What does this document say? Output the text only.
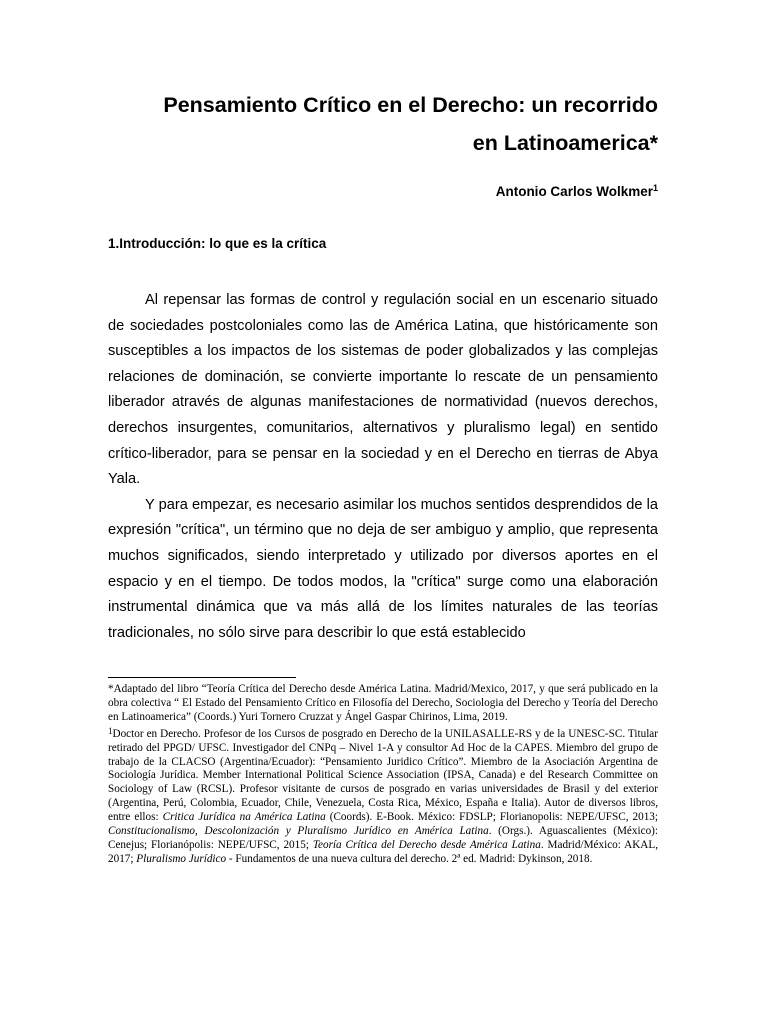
Pensamiento Crítico en el Derecho: un recorrido
en Latinoamerica*
Antonio Carlos Wolkmer$^1$
1.Introducción: lo que es la crítica

Al repensar las formas de control y regulación social en un escenario situado de sociedades postcoloniales como las de América Latina, que históricamente son susceptibles a los impactos de los sistemas de poder globalizados y las complejas relaciones de dominación, se convierte importante lo rescate de un pensamiento liberador através de algunas manifestaciones de normatividad (nuevos derechos, derechos insurgentes, comunitarios, alternativos y pluralismo legal) en sentido crítico-liberador, para se pensar en la sociedad y en el Derecho en tierras de Abya Yala.

Y para empezar, es necesario asimilar los muchos sentidos desprendidos de la expresión "crítica", un término que no deja de ser ambiguo y amplio, que representa muchos significados, siendo interpretado y utilizado por diversos aportes en el espacio y en el tiempo. De todos modos, la "crítica" surge como una elaboración instrumental dinámica que va más allá de los límites naturales de las teorías tradicionales, no sólo sirve para describir lo que está establecido

*Adaptado del libro “Teoría Crítica del Derecho desde América Latina. Madrid/Mexico, 2017, y que será publicado en la obra colectiva “ El Estado del Pensamiento Crítico en Filosofía del Derecho, Sociologia del Derecho y Teoría del Derecho en Latinoamerica” (Coords.) Yuri Tornero Cruzzat y Ángel Gaspar Chirinos, Lima, 2019.

$^1$Doctor en Derecho. Profesor de los Cursos de posgrado en Derecho de la UNILASALLE-RS y de la UNESC-SC. Titular retirado del PPGD/ UFSC. Investigador del CNPq – Nivel 1-A y consultor Ad Hoc de la CAPES. Miembro del grupo de trabajo de la CLACSO (Argentina/Ecuador): “Pensamiento Juridico Crítico”. Miembro de la Asociación Argentina de Sociología Jurídica. Member International Political Science Association (IPSA, Canada) e del Research Committee on Sociology of Law (RCSL). Profesor visitante de cursos de posgrado en varias universidades de Brasil y del exterior (Argentina, Perú, Colombia, Ecuador, Chile, Venezuela, Costa Rica, México, España e Italia). Autor de diversos libros, entre ellos: Critica Jurídica na América Latina (Coords). E-Book. México: FDSLP; Florianopolis: NEPE/UFSC, 2013; Constitucionalismo, Descolonización y Pluralismo Jurídico en América Latina. (Orgs.). Aguascalientes (México): Cenejus; Florianópolis: NEPE/UFSC, 2015; Teoría Crítica del Derecho desde América Latina. Madrid/México: AKAL, 2017; Pluralismo Jurídico - Fundamentos de una nueva cultura del derecho. 2ª ed. Madrid: Dykinson, 2018.
